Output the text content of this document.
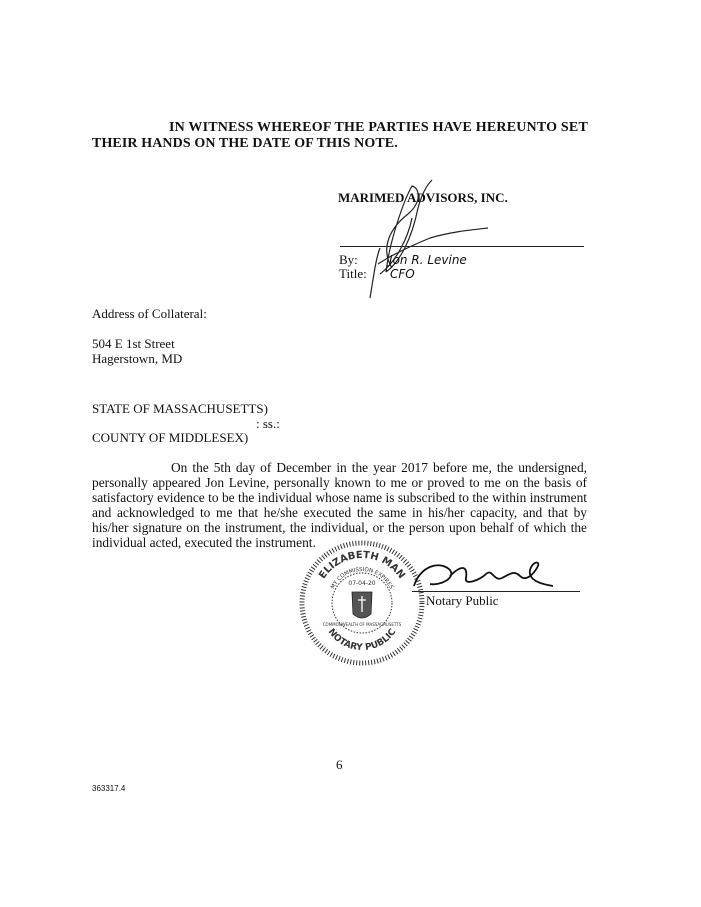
IN WITNESS WHEREOF THE PARTIES HAVE HEREUNTO SET
THEIR HANDS ON THE DATE OF THIS NOTE.
MARIMED ADVISORS, INC.
By:	Jon R. Levine
Title: CFO
Address of Collateral:
504 E 1st Street
Hagerstown, MD
STATE OF MASSACHUSETTS)
: ss.:
COUNTY OF MIDDLESEX)
On the 5th day of December in the year 2017 before me, the undersigned, personally appeared Jon Levine, personally known to me or proved to me on the basis of satisfactory evidence to be the individual whose name is subscribed to the within instrument and acknowledged to me that he/she executed the same in his/her capacity, and that by his/her signature on the instrument, the individual, or the person upon behalf of which the individual acted, executed the instrument.
ELIZABETH MAN
MY COMMISSION EXPIRES
07-04-20
COMMONWEALTH OF MASSACHUSETTS
NOTARY PUBLIC
Notary Public
6
363317.4
